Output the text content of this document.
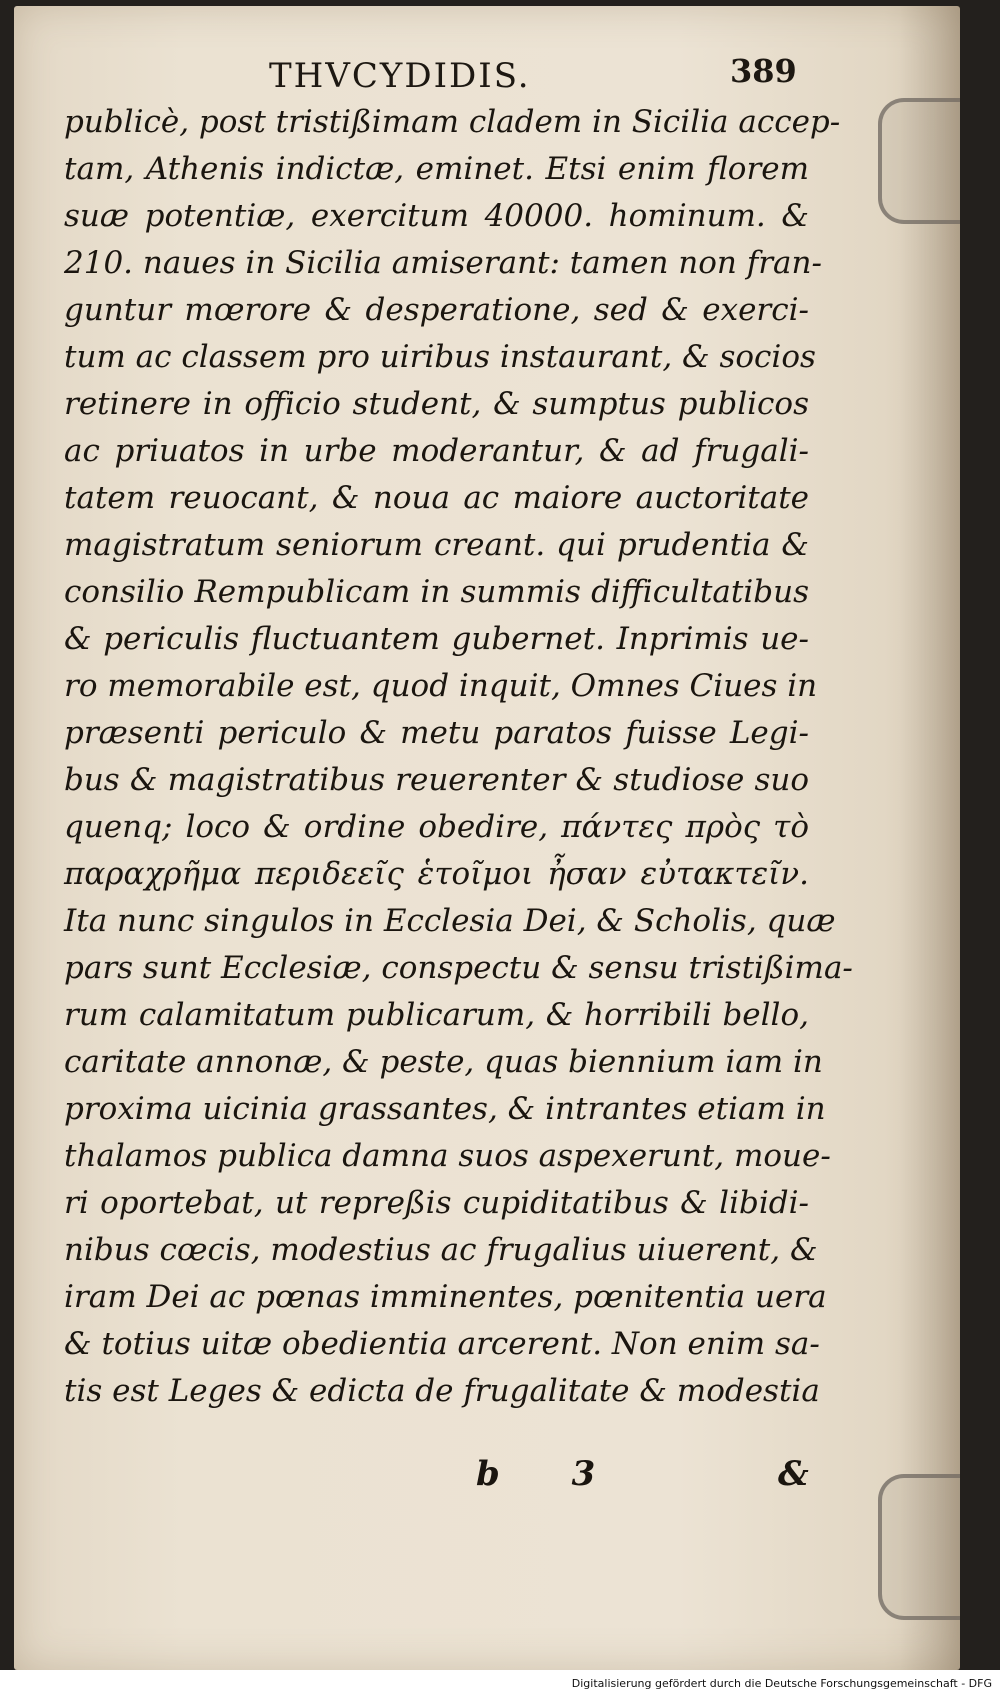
THVCYDIDIS.	389
publicè, post tristißimam cladem in Sicilia accep-
tam, Athenis indictæ, eminet. Etsi enim florem
suæ potentiæ, exercitum 40000. hominum. &
210. naues in Sicilia amiserant: tamen non fran-
guntur mœrore & desperatione, sed & exerci-
tum ac classem pro uiribus instaurant, & socios
retinere in officio student, & sumptus publicos
ac priuatos in urbe moderantur, & ad frugali-
tatem reuocant, & noua ac maiore auctoritate
magistratum seniorum creant. qui prudentia &
consilio Rempublicam in summis difficultatibus
& periculis fluctuantem gubernet. Inprimis ue-
ro memorabile est, quod inquit, Omnes Ciues in
præsenti periculo & metu paratos fuisse Legi-
bus & magistratibus reuerenter & studiose suo
quenq; loco & ordine obedire, πάντες πρὸς τὸ
παραχρῆμα περιδεεῖς ἑτοῖμοι ἦσαν εὐτακτεῖν.
Ita nunc singulos in Ecclesia Dei, & Scholis, quæ
pars sunt Ecclesiæ, conspectu & sensu tristißima-
rum calamitatum publicarum, & horribili bello,
caritate annonæ, & peste, quas biennium iam in
proxima uicinia grassantes, & intrantes etiam in
thalamos publica damna suos aspexerunt, moue-
ri oportebat, ut repreßis cupiditatibus & libidi-
nibus cœcis, modestius ac frugalius uiuerent, &
iram Dei ac pœnas imminentes, pœnitentia uera
& totius uitæ obedientia arcerent. Non enim sa-
tis est Leges & edicta de frugalitate & modestia
b 3	&
Digitalisierung gefördert durch die Deutsche Forschungsgemeinschaft - DFG
